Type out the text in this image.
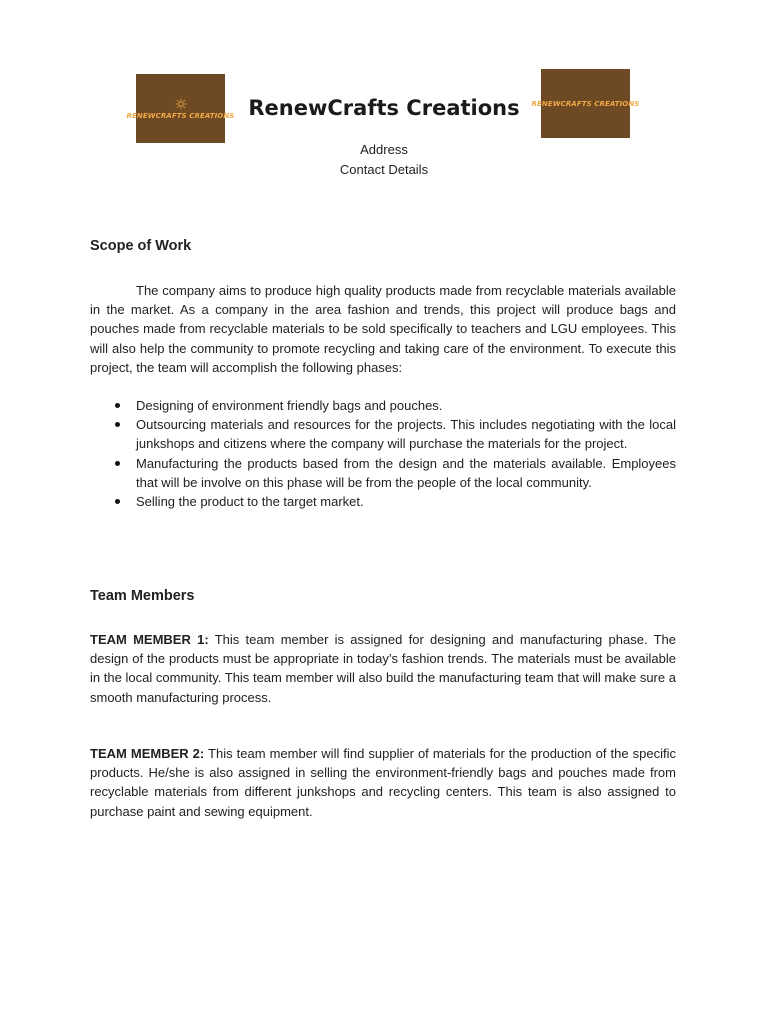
RENEWCRAFTS CREATIONS RenewCrafts Creations	RENEWCRAFTS CREATIONS
Address
Contact Details
Scope of Work
The company aims to produce high quality products made from recyclable materials available in the market. As a company in the area fashion and trends, this project will produce bags and pouches made from recyclable materials to be sold specifically to teachers and LGU employees. This will also help the community to promote recycling and taking care of the environment. To execute this project, the team will accomplish the following phases:
Designing of environment friendly bags and pouches.
Outsourcing materials and resources for the projects. This includes negotiating with the local junkshops and citizens where the company will purchase the materials for the project.
Manufacturing the products based from the design and the materials available. Employees that will be involve on this phase will be from the people of the local community.
Selling the product to the target market.
Team Members
TEAM MEMBER 1: This team member is assigned for designing and manufacturing phase. The design of the products must be appropriate in today’s fashion trends. The materials must be available in the local community. This team member will also build the manufacturing team that will make sure a smooth manufacturing process.
TEAM MEMBER 2: This team member will find supplier of materials for the production of the specific products. He/she is also assigned in selling the environment-friendly bags and pouches made from recyclable materials from different junkshops and recycling centers. This team is also assigned to purchase paint and sewing equipment.
